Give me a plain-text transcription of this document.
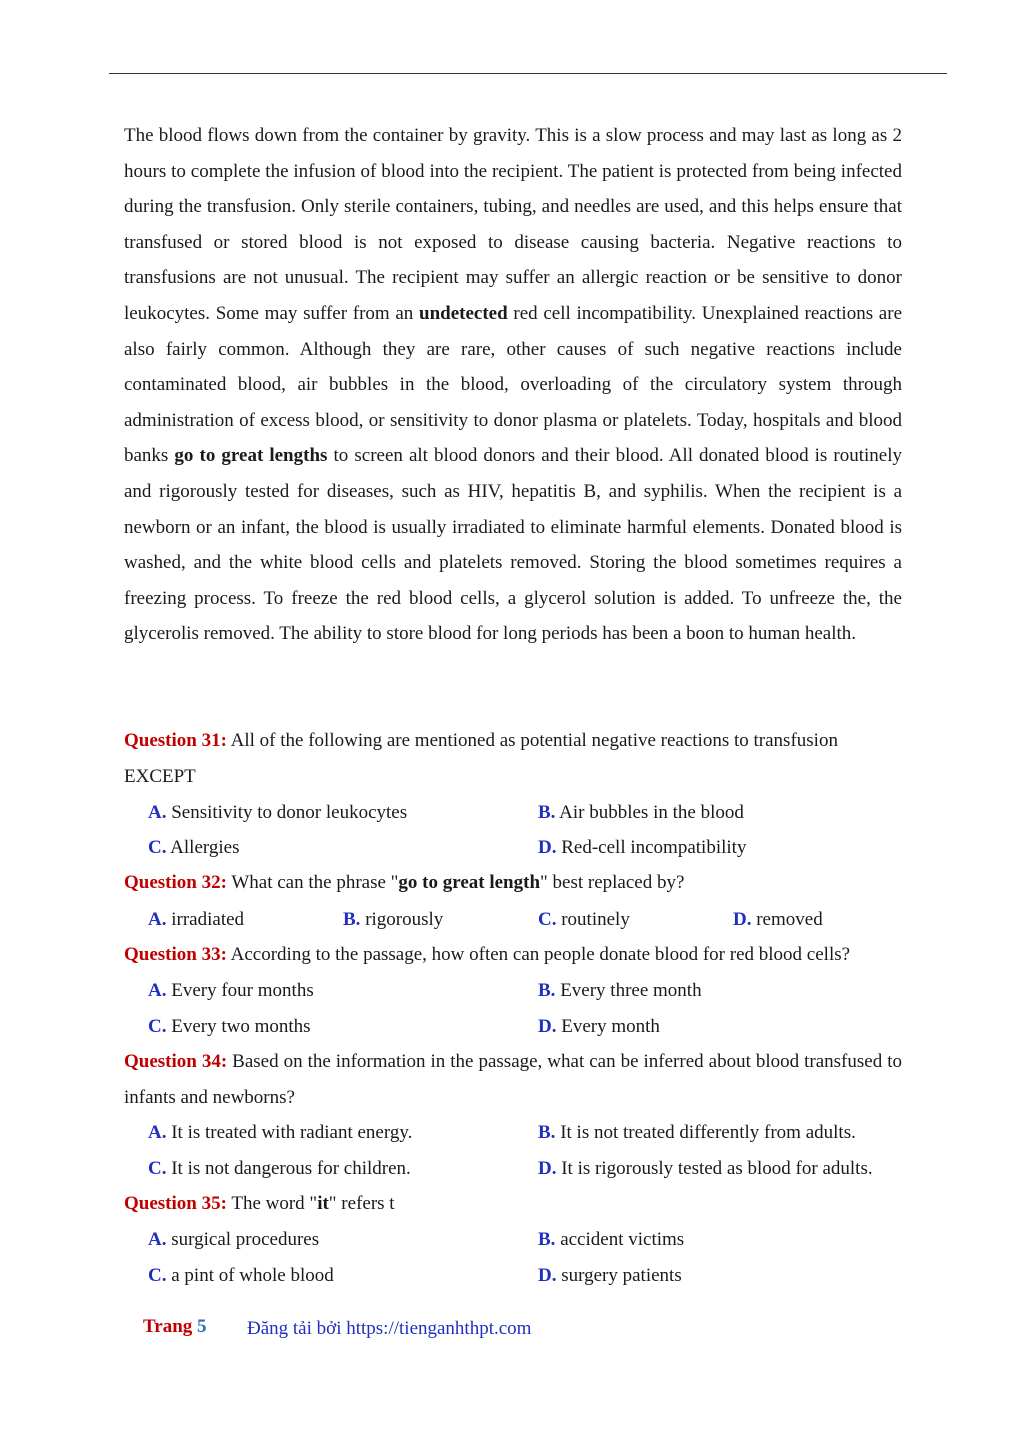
The blood flows down from the container by gravity. This is a slow process and may last as long as 2 hours to complete the infusion of blood into the recipient. The patient is protected from being infected during the transfusion. Only sterile containers, tubing, and needles are used, and this helps ensure that transfused or stored blood is not exposed to disease causing bacteria. Negative reactions to transfusions are not unusual. The recipient may suffer an allergic reaction or be sensitive to donor leukocytes. Some may suffer from an undetected red cell incompatibility. Unexplained reactions are also fairly common. Although they are rare, other causes of such negative reactions include contaminated blood, air bubbles in the blood, overloading of the circulatory system through administration of excess blood, or sensitivity to donor plasma or platelets. Today, hospitals and blood banks go to great lengths to screen alt blood donors and their blood. All donated blood is routinely and rigorously tested for diseases, such as HIV, hepatitis B, and syphilis. When the recipient is a newborn or an infant, the blood is usually irradiated to eliminate harmful elements. Donated blood is washed, and the white blood cells and platelets removed. Storing the blood sometimes requires a freezing process. To freeze the red blood cells, a glycerol solution is added. To unfreeze the, the glycerolis removed. The ability to store blood for long periods has been a boon to human health.

Question 31: All of the following are mentioned as potential negative reactions to transfusion EXCEPT

A. Sensitivity to donor leukocytes	B. Air bubbles in the blood
C. Allergies	D. Red-cell incompatibility

Question 32: What can the phrase "go to great length" best replaced by?

A. irradiated	B. rigorously	C. routinely	D. removed

Question 33: According to the passage, how often can people donate blood for red blood cells?

A. Every four months	B. Every three month
C. Every two months	D. Every month

Question 34: Based on the information in the passage, what can be inferred about blood transfused to infants and newborns?

A. It is treated with radiant energy.	B. It is not treated differently from adults.
C. It is not dangerous for children.	D. It is rigorously tested as blood for adults.

Question 35: The word "it" refers t

A. surgical procedures	B. accident victims
C. a pint of whole blood	D. surgery patients
Trang 5 Đăng tải bởi https://tienganhthpt.com
